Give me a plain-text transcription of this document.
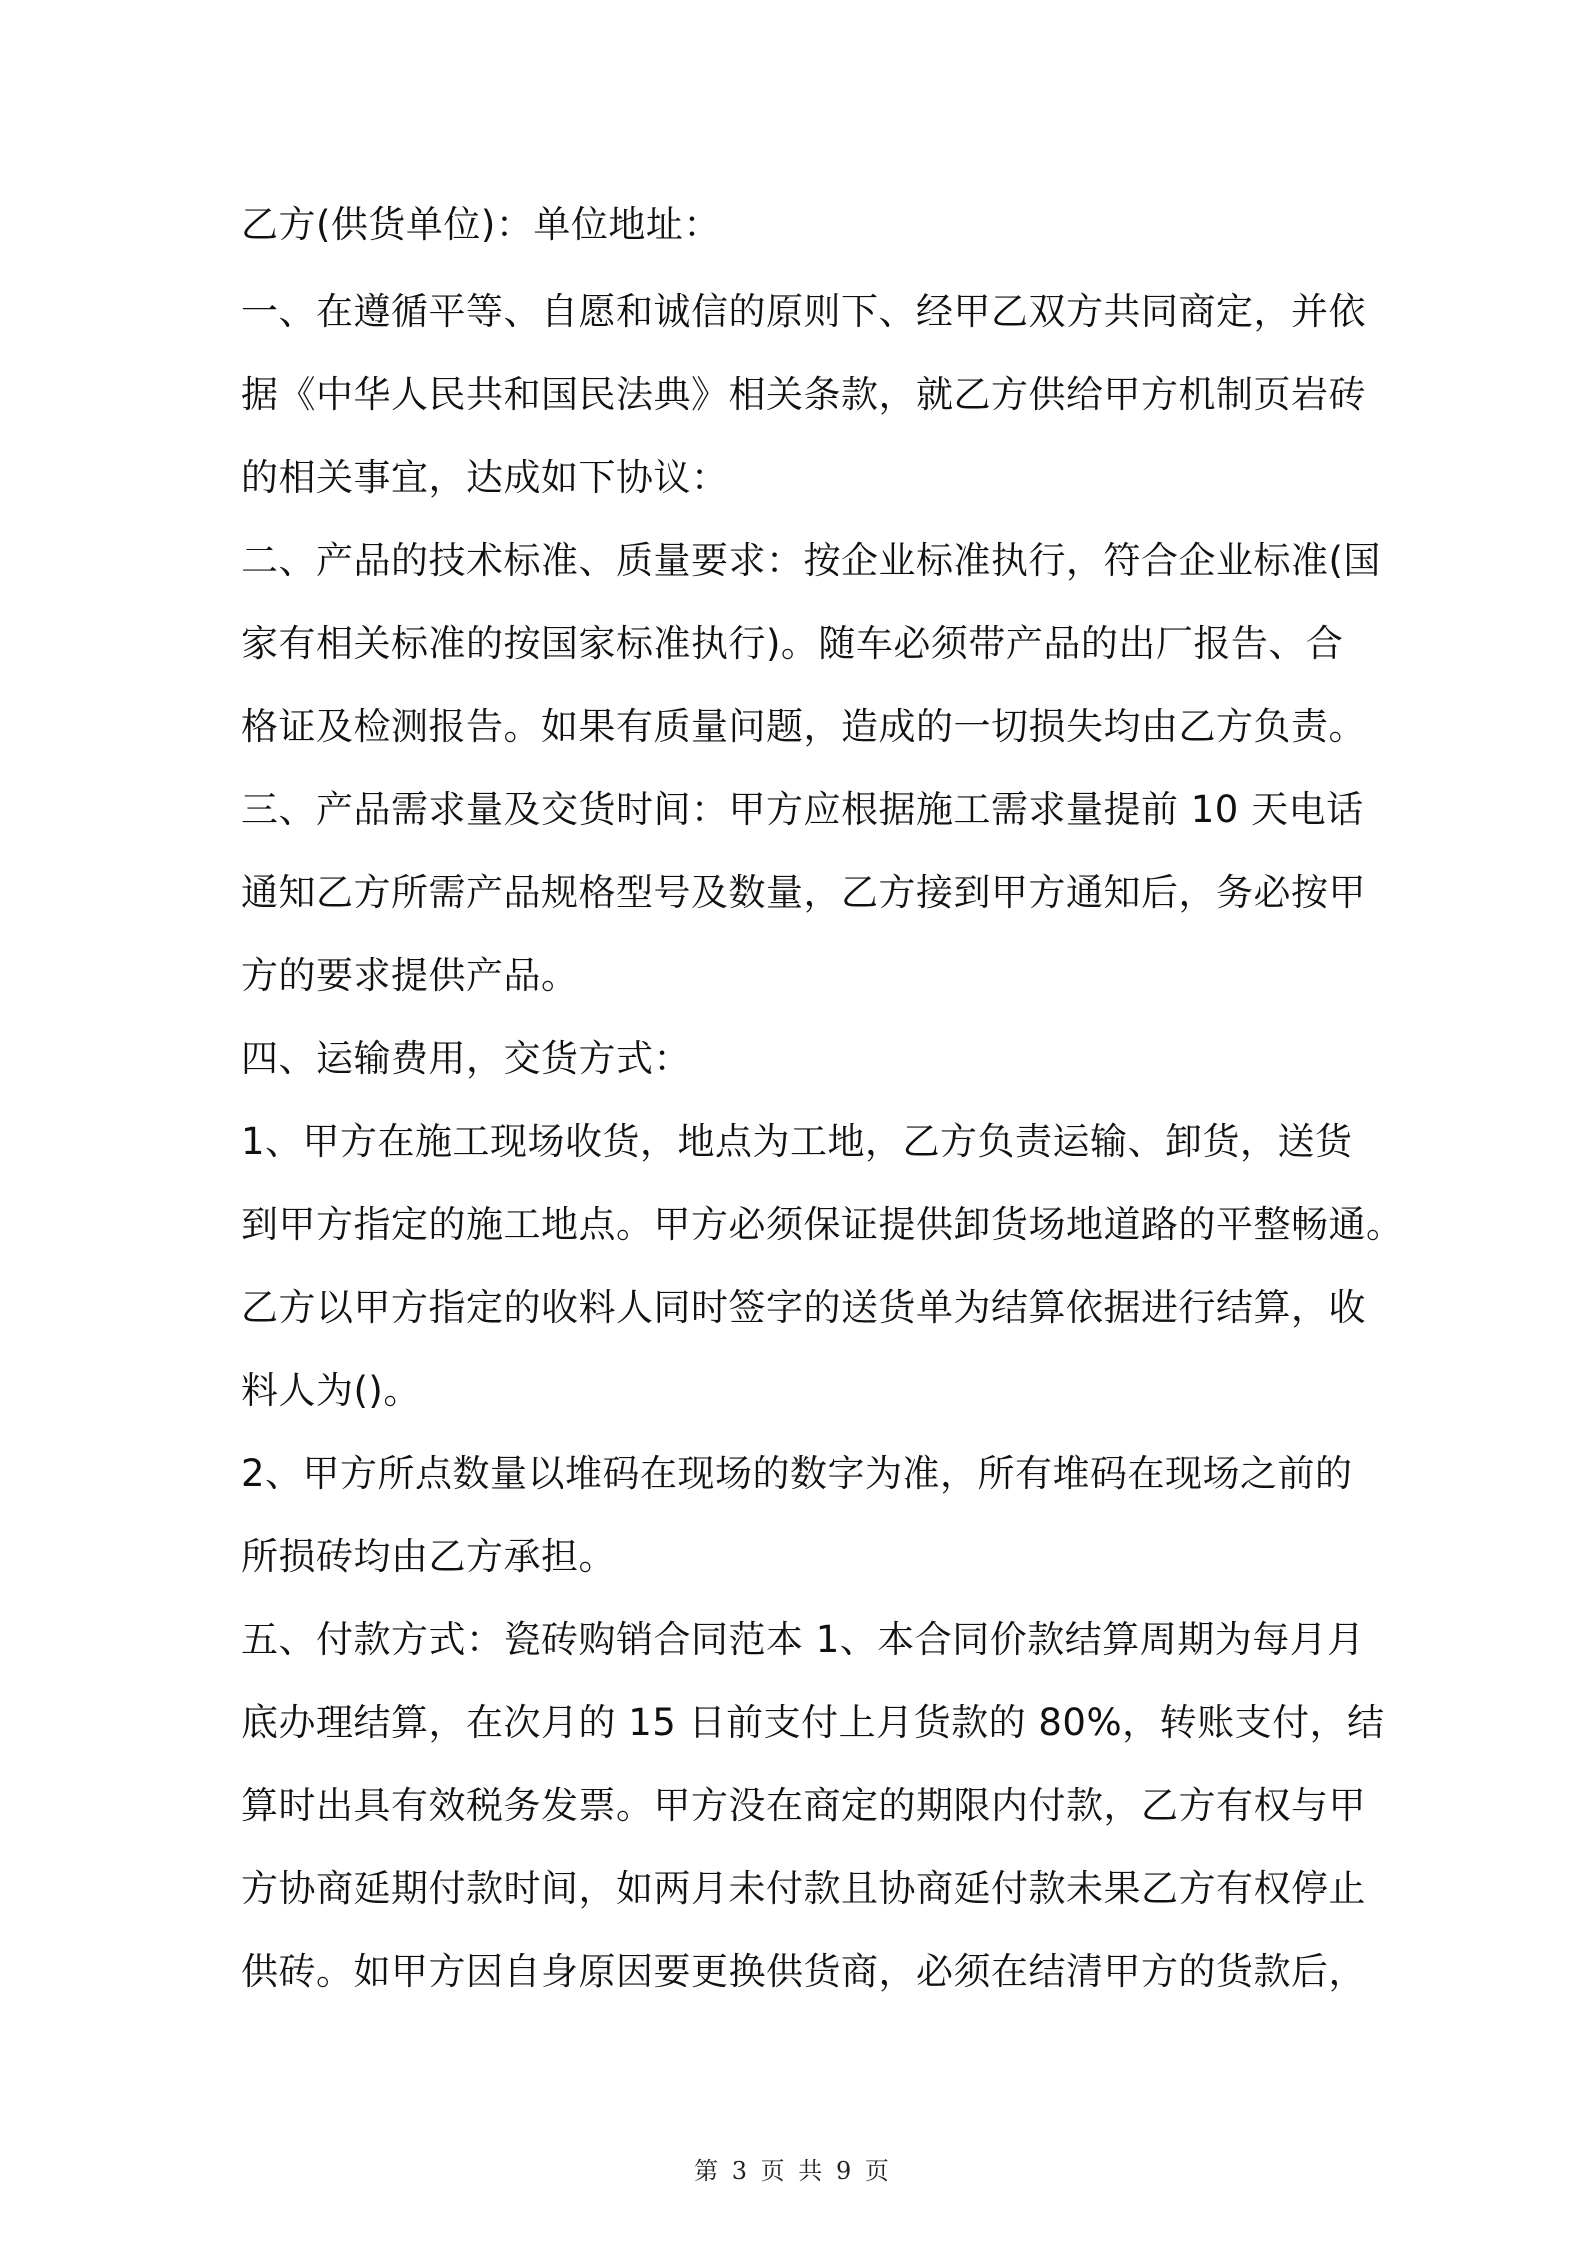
乙方(供货单位)：单位地址：
一、在遵循平等、自愿和诚信的原则下、经甲乙双方共同商定，并依
据《中华人民共和国民法典》相关条款，就乙方供给甲方机制页岩砖
的相关事宜，达成如下协议：
二、产品的技术标准、质量要求：按企业标准执行，符合企业标准(国
家有相关标准的按国家标准执行)。随车必须带产品的出厂报告、合
格证及检测报告。如果有质量问题，造成的一切损失均由乙方负责。
三、产品需求量及交货时间：甲方应根据施工需求量提前 10 天电话
通知乙方所需产品规格型号及数量，乙方接到甲方通知后，务必按甲
方的要求提供产品。
四、运输费用，交货方式：
1、甲方在施工现场收货，地点为工地，乙方负责运输、卸货，送货
到甲方指定的施工地点。甲方必须保证提供卸货场地道路的平整畅通。
乙方以甲方指定的收料人同时签字的送货单为结算依据进行结算，收
料人为()。
2、甲方所点数量以堆码在现场的数字为准，所有堆码在现场之前的
所损砖均由乙方承担。
五、付款方式：瓷砖购销合同范本 1、本合同价款结算周期为每月月
底办理结算，在次月的 15 日前支付上月货款的 80%，转账支付，结
算时出具有效税务发票。甲方没在商定的期限内付款，乙方有权与甲
方协商延期付款时间，如两月未付款且协商延付款未果乙方有权停止
供砖。如甲方因自身原因要更换供货商，必须在结清甲方的货款后，
第 3 页 共 9 页
